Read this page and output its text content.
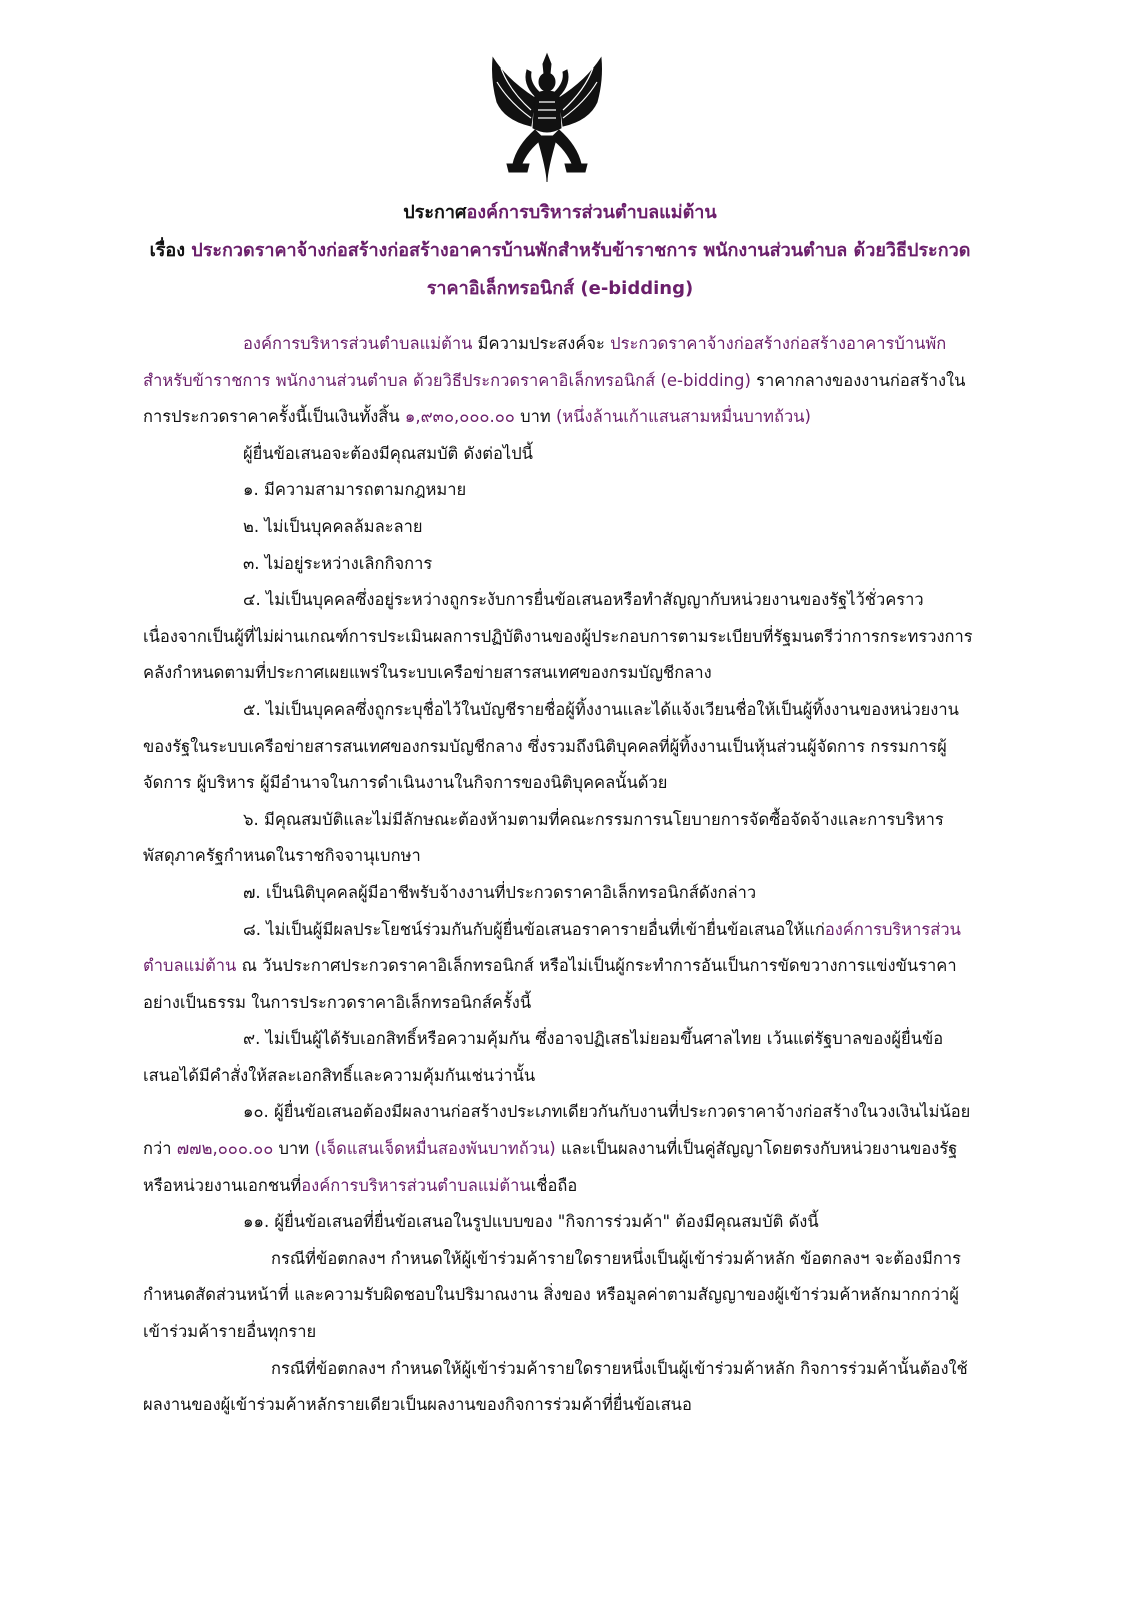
ประกาศองค์การบริหารส่วนตำบลแม่ต้าน
เรื่อง ประกวดราคาจ้างก่อสร้างก่อสร้างอาคารบ้านพักสำหรับข้าราชการ พนักงานส่วนตำบล ด้วยวิธีประกวด
ราคาอิเล็กทรอนิกส์ (e-bidding)

องค์การบริหารส่วนตำบลแม่ต้าน มีความประสงค์จะ ประกวดราคาจ้างก่อสร้างก่อสร้างอาคารบ้านพักสำหรับข้าราชการ พนักงานส่วนตำบล ด้วยวิธีประกวดราคาอิเล็กทรอนิกส์ (e-bidding) ราคากลางของงานก่อสร้างในการประกวดราคาครั้งนี้เป็นเงินทั้งสิ้น ๑,๙๓๐,๐๐๐.๐๐ บาท (หนึ่งล้านเก้าแสนสามหมื่นบาทถ้วน)

ผู้ยื่นข้อเสนอจะต้องมีคุณสมบัติ ดังต่อไปนี้

๑. มีความสามารถตามกฎหมาย

๒. ไม่เป็นบุคคลล้มละลาย

๓. ไม่อยู่ระหว่างเลิกกิจการ

๔. ไม่เป็นบุคคลซึ่งอยู่ระหว่างถูกระงับการยื่นข้อเสนอหรือทำสัญญากับหน่วยงานของรัฐไว้ชั่วคราว เนื่องจากเป็นผู้ที่ไม่ผ่านเกณฑ์การประเมินผลการปฏิบัติงานของผู้ประกอบการตามระเบียบที่รัฐมนตรีว่าการกระทรวงการคลังกำหนดตามที่ประกาศเผยแพร่ในระบบเครือข่ายสารสนเทศของกรมบัญชีกลาง

๕. ไม่เป็นบุคคลซึ่งถูกระบุชื่อไว้ในบัญชีรายชื่อผู้ทิ้งงานและได้แจ้งเวียนชื่อให้เป็นผู้ทิ้งงานของหน่วยงานของรัฐในระบบเครือข่ายสารสนเทศของกรมบัญชีกลาง ซึ่งรวมถึงนิติบุคคลที่ผู้ทิ้งงานเป็นหุ้นส่วนผู้จัดการ กรรมการผู้จัดการ ผู้บริหาร ผู้มีอำนาจในการดำเนินงานในกิจการของนิติบุคคลนั้นด้วย

๖. มีคุณสมบัติและไม่มีลักษณะต้องห้ามตามที่คณะกรรมการนโยบายการจัดซื้อจัดจ้างและการบริหารพัสดุภาครัฐกำหนดในราชกิจจานุเบกษา

๗. เป็นนิติบุคคลผู้มีอาชีพรับจ้างงานที่ประกวดราคาอิเล็กทรอนิกส์ดังกล่าว

๘. ไม่เป็นผู้มีผลประโยชน์ร่วมกันกับผู้ยื่นข้อเสนอราคารายอื่นที่เข้ายื่นข้อเสนอให้แก่องค์การบริหารส่วนตำบลแม่ต้าน ณ วันประกาศประกวดราคาอิเล็กทรอนิกส์ หรือไม่เป็นผู้กระทำการอันเป็นการขัดขวางการแข่งขันราคาอย่างเป็นธรรม ในการประกวดราคาอิเล็กทรอนิกส์ครั้งนี้

๙. ไม่เป็นผู้ได้รับเอกสิทธิ์หรือความคุ้มกัน ซึ่งอาจปฏิเสธไม่ยอมขึ้นศาลไทย เว้นแต่รัฐบาลของผู้ยื่นข้อเสนอได้มีคำสั่งให้สละเอกสิทธิ์และความคุ้มกันเช่นว่านั้น

๑๐. ผู้ยื่นข้อเสนอต้องมีผลงานก่อสร้างประเภทเดียวกันกับงานที่ประกวดราคาจ้างก่อสร้างในวงเงินไม่น้อยกว่า ๗๗๒,๐๐๐.๐๐ บาท (เจ็ดแสนเจ็ดหมื่นสองพันบาทถ้วน) และเป็นผลงานที่เป็นคู่สัญญาโดยตรงกับหน่วยงานของรัฐ หรือหน่วยงานเอกชนที่องค์การบริหารส่วนตำบลแม่ต้านเชื่อถือ

๑๑. ผู้ยื่นข้อเสนอที่ยื่นข้อเสนอในรูปแบบของ "กิจการร่วมค้า" ต้องมีคุณสมบัติ ดังนี้

กรณีที่ข้อตกลงฯ กำหนดให้ผู้เข้าร่วมค้ารายใดรายหนึ่งเป็นผู้เข้าร่วมค้าหลัก ข้อตกลงฯ จะต้องมีการกำหนดสัดส่วนหน้าที่ และความรับผิดชอบในปริมาณงาน สิ่งของ หรือมูลค่าตามสัญญาของผู้เข้าร่วมค้าหลักมากกว่าผู้เข้าร่วมค้ารายอื่นทุกราย

กรณีที่ข้อตกลงฯ กำหนดให้ผู้เข้าร่วมค้ารายใดรายหนึ่งเป็นผู้เข้าร่วมค้าหลัก กิจการร่วมค้านั้นต้องใช้ผลงานของผู้เข้าร่วมค้าหลักรายเดียวเป็นผลงานของกิจการร่วมค้าที่ยื่นข้อเสนอ
